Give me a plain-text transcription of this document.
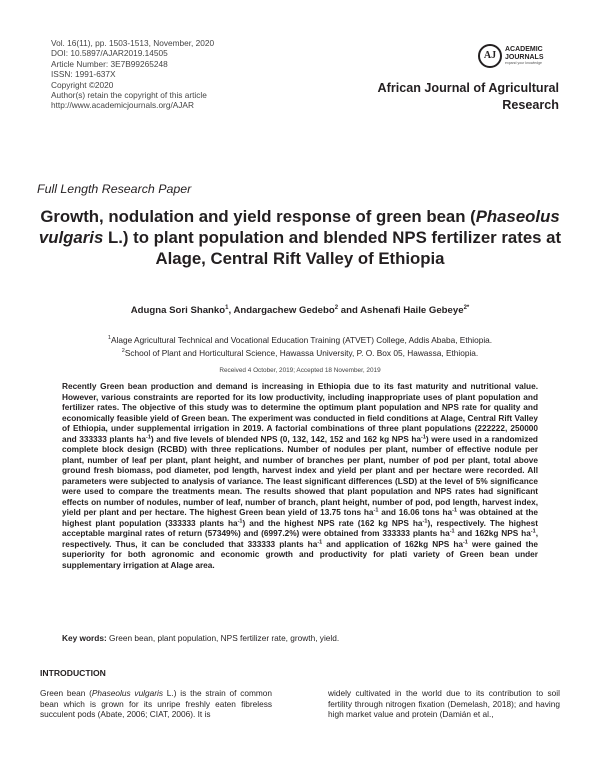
Vol. 16(11), pp. 1503-1513, November, 2020
DOI: 10.5897/AJAR2019.14505
Article Number: 3E7B99265248
ISSN: 1991-637X
Copyright ©2020
Author(s) retain the copyright of this article
http://www.academicjournals.org/AJAR
AJ
ACADEMIC
JOURNALS
expand your knowledge
African Journal of Agricultural
Research
Full Length Research Paper
Growth, nodulation and yield response of green bean (Phaseolus vulgaris L.) to plant population and blended NPS fertilizer rates at Alage, Central Rift Valley of Ethiopia
Adugna Sori Shanko$^1$, Andargachew Gedebo$^2$ and Ashenafi Haile Gebeye$^{2*}$
$^1$Alage Agricultural Technical and Vocational Education Training (ATVET) College, Addis Ababa, Ethiopia.
$^2$School of Plant and Horticultural Science, Hawassa University, P. O. Box 05, Hawassa, Ethiopia.
Received 4 October, 2019; Accepted 18 November, 2019
Recently Green bean production and demand is increasing in Ethiopia due to its fast maturity and nutritional value. However, various constraints are reported for its low productivity, including inappropriate uses of plant population and fertilizer rates. The objective of this study was to determine the optimum plant population and NPS rate for quality and economically feasible yield of Green bean. The experiment was conducted in field conditions at Alage, Central Rift Valley of Ethiopia, under supplemental irrigation in 2019. A factorial combinations of three plant populations (222222, 250000 and 333333 plants $ha^{-1}$) and five levels of blended NPS (0, 132, 142, 152 and 162 kg NPS $ha^{-1}$) were used in a randomized complete block design (RCBD) with three replications. Number of nodules per plant, number of effective nodule per plant, number of leaf per plant, plant height, and number of branches per plant, number of pod per plant, total above ground fresh biomass, pod diameter, pod length, harvest index and yield per plant and per hectare were recorded. All parameters were subjected to analysis of variance. The least significant differences (LSD) at the level of 5% significance were used to compare the treatments mean. The results showed that plant population and NPS rates had significant effects on number of nodules, number of leaf, number of branch, plant height, number of pod, pod length, harvest index, yield per plant and per hectare. The highest Green bean yield of 13.75 tons $ha^{-1}$ and 16.06 tons $ha^{-1}$ was obtained at the highest plant population (333333 plants $ha^{-1}$) and the highest NPS rate (162 kg NPS $ha^{-1}$), respectively. The highest acceptable marginal rates of return (57349%) and (6997.2%) were obtained from 333333 plants $ha^{-1}$ and 162kg NPS $ha^{-1}$, respectively. Thus, it can be concluded that 333333 plants $ha^{-1}$ and application of 162kg NPS $ha^{-1}$ were gained the superiority for both agronomic and economic growth and productivity for plati variety of Green bean under supplementary irrigation at Alage area.
Key words: Green bean, plant population, NPS fertilizer rate, growth, yield.
INTRODUCTION
Green bean (Phaseolus vulgaris L.) is the strain of common bean which is grown for its unripe freshly eaten fibreless succulent pods (Abate, 2006; CIAT, 2006). It is
widely cultivated in the world due to its contribution to soil fertility through nitrogen fixation (Demelash, 2018); and having high market value and protein (Damián et al.,
